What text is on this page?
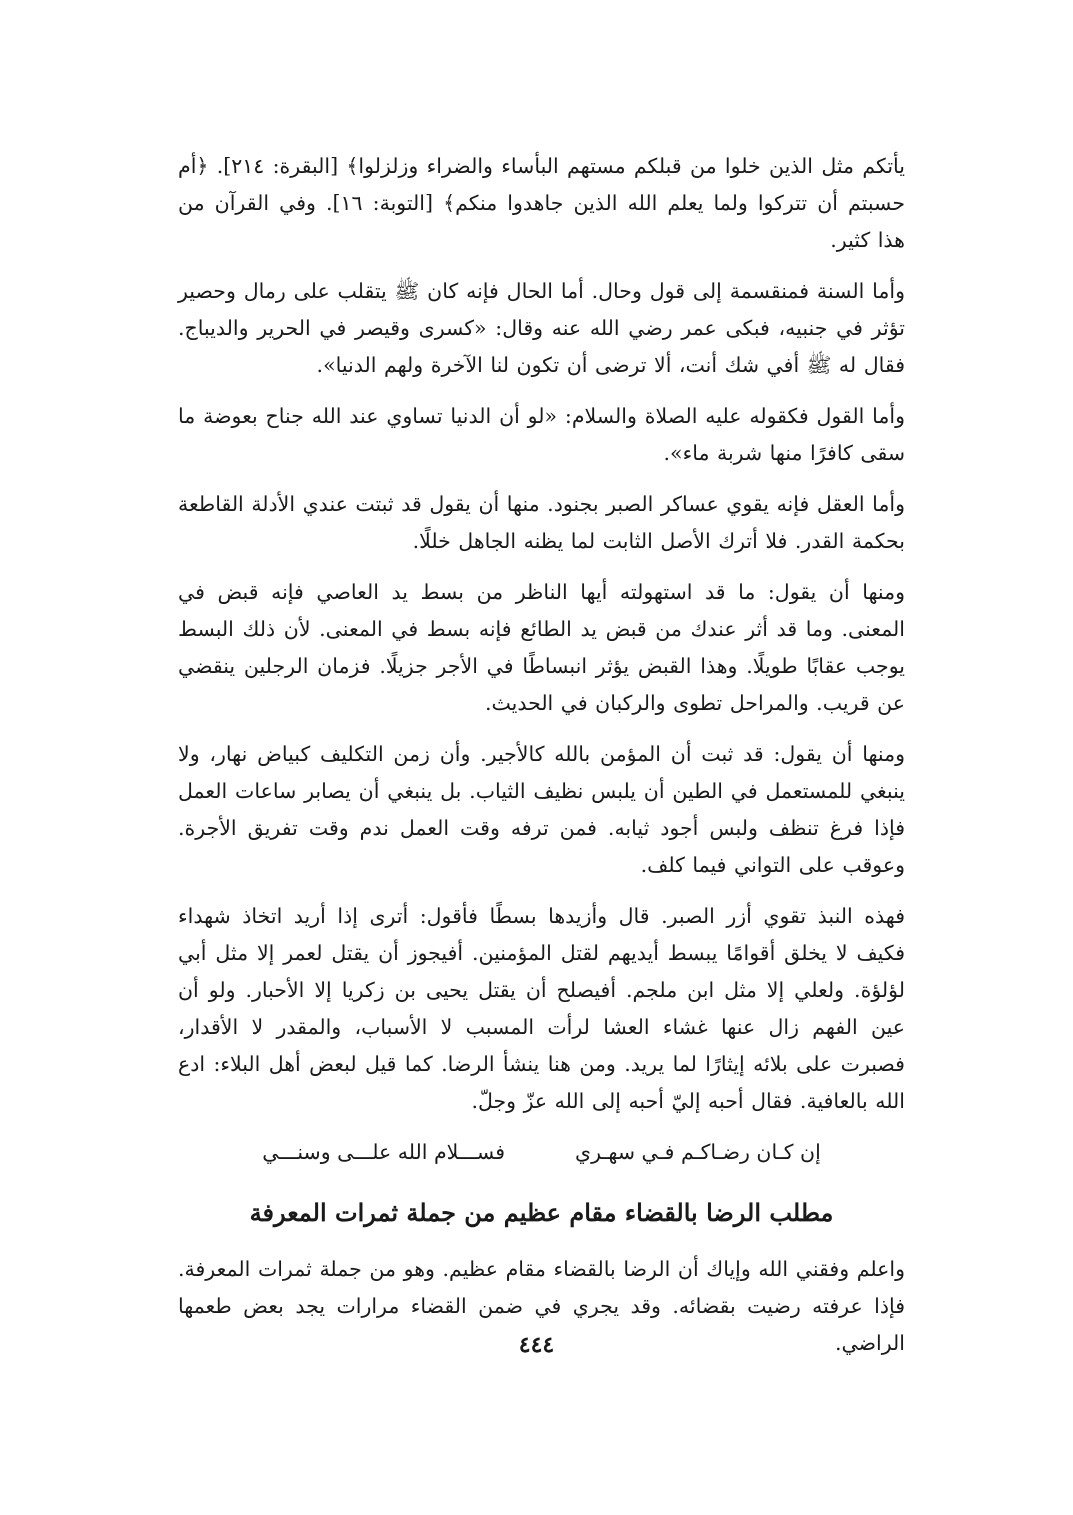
يأتكم مثل الذين خلوا من قبلكم مستهم البأساء والضراء وزلزلوا﴾ [البقرة: ٢١٤]. ﴿أم حسبتم أن تتركوا ولما يعلم الله الذين جاهدوا منكم﴾ [التوبة: ١٦]. وفي القرآن من هذا كثير.

وأما السنة فمنقسمة إلى قول وحال. أما الحال فإنه كان ﷺ يتقلب على رمال وحصير تؤثر في جنبيه، فبكى عمر رضي الله عنه وقال: «كسرى وقيصر في الحرير والديباج. فقال له ﷺ أفي شك أنت، ألا ترضى أن تكون لنا الآخرة ولهم الدنيا».

وأما القول فكقوله عليه الصلاة والسلام: «لو أن الدنيا تساوي عند الله جناح بعوضة ما سقى كافرًا منها شربة ماء».

وأما العقل فإنه يقوي عساكر الصبر بجنود. منها أن يقول قد ثبتت عندي الأدلة القاطعة بحكمة القدر. فلا أترك الأصل الثابت لما يظنه الجاهل خللًا.

ومنها أن يقول: ما قد استهولته أيها الناظر من بسط يد العاصي فإنه قبض في المعنى. وما قد أثر عندك من قبض يد الطائع فإنه بسط في المعنى. لأن ذلك البسط يوجب عقابًا طويلًا. وهذا القبض يؤثر انبساطًا في الأجر جزيلًا. فزمان الرجلين ينقضي عن قريب. والمراحل تطوى والركبان في الحديث.

ومنها أن يقول: قد ثبت أن المؤمن بالله كالأجير. وأن زمن التكليف كبياض نهار، ولا ينبغي للمستعمل في الطين أن يلبس نظيف الثياب. بل ينبغي أن يصابر ساعات العمل فإذا فرغ تنظف ولبس أجود ثيابه. فمن ترفه وقت العمل ندم وقت تفريق الأجرة. وعوقب على التواني فيما كلف.

فهذه النبذ تقوي أزر الصبر. قال وأزيدها بسطًا فأقول: أترى إذا أريد اتخاذ شهداء فكيف لا يخلق أقوامًا يبسط أيديهم لقتل المؤمنين. أفيجوز أن يقتل لعمر إلا مثل أبي لؤلؤة. ولعلي إلا مثل ابن ملجم. أفيصلح أن يقتل يحيى بن زكريا إلا الأحبار. ولو أن عين الفهم زال عنها غشاء العشا لرأت المسبب لا الأسباب، والمقدر لا الأقدار، فصبرت على بلائه إيثارًا لما يريد. ومن هنا ينشأ الرضا. كما قيل لبعض أهل البلاء: ادع الله بالعافية. فقال أحبه إليّ أحبه إلى الله عزّ وجلّ.

إن كـان رضـاكـم فـي سهـري
فســـلام الله علـــى وسنـــي
مطلب الرضا بالقضاء مقام عظيم من جملة ثمرات المعرفة

واعلم وفقني الله وإياك أن الرضا بالقضاء مقام عظيم. وهو من جملة ثمرات المعرفة. فإذا عرفته رضيت بقضائه. وقد يجري في ضمن القضاء مرارات يجد بعض طعمها الراضي.

٤٤٤
